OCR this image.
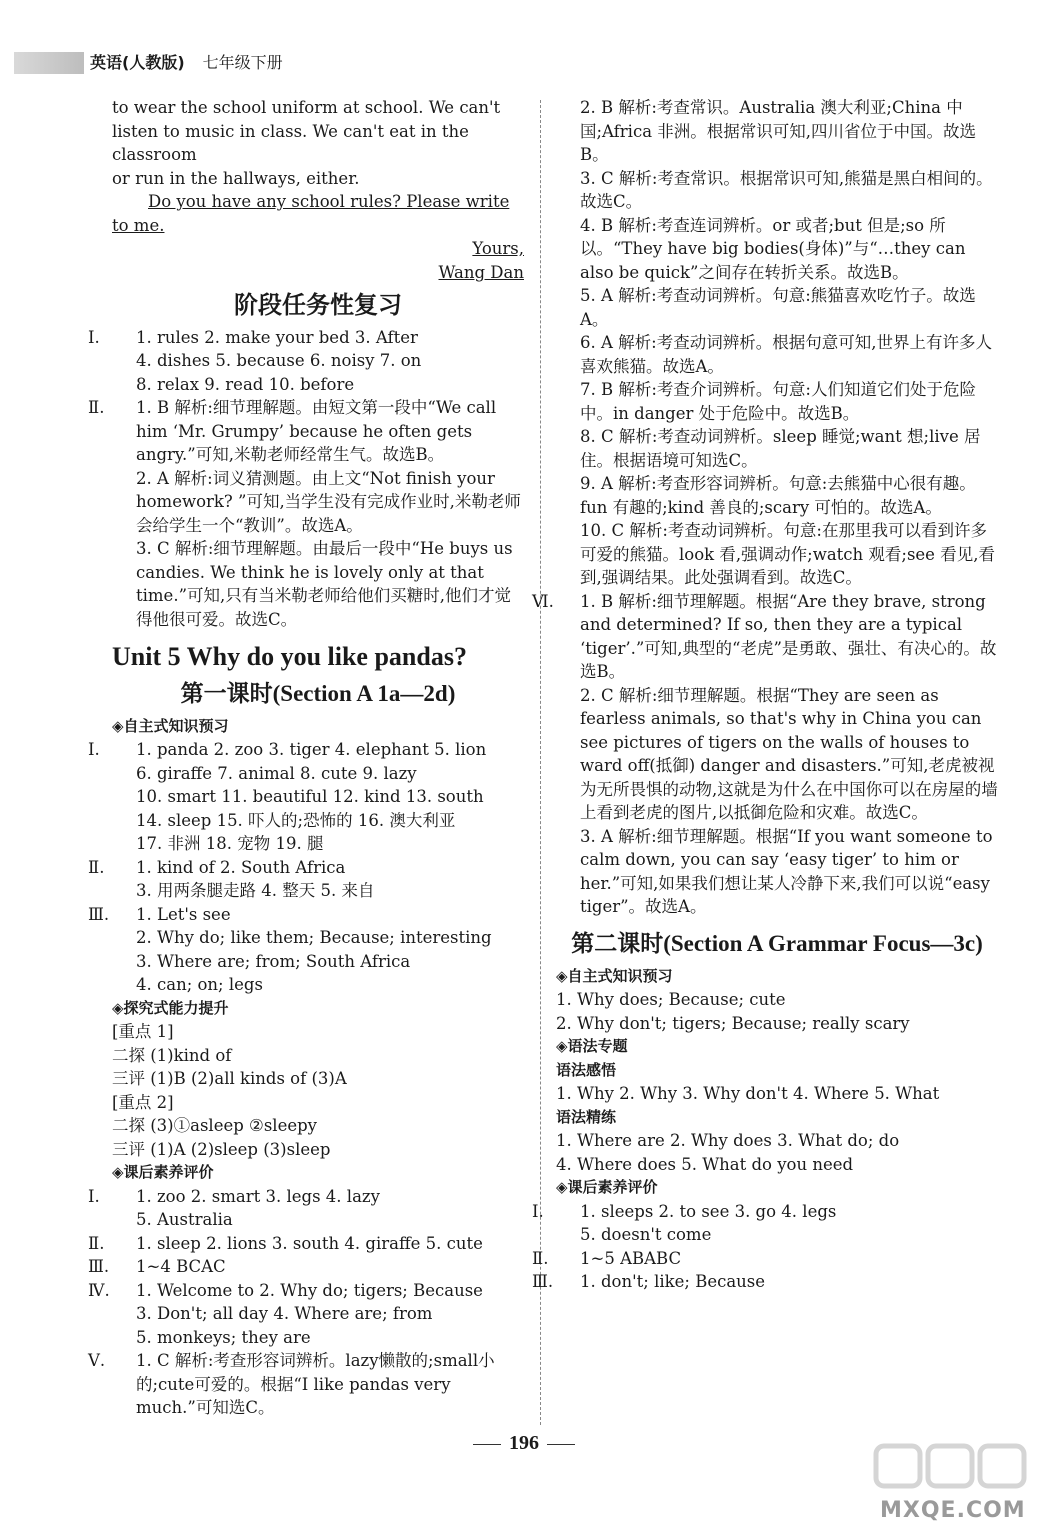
英语(人教版) 七年级下册
to wear the school uniform at school. We can't
listen to music in class. We can't eat in the classroom
or run in the hallways, either.
Do you have any school rules? Please write
to me.
Yours,
Wang Dan
阶段任务性复习
Ⅰ. 1. rules 2. make your bed 3. After
4. dishes 5. because 6. noisy 7. on
8. relax 9. read 10. before
Ⅱ. 1. B 解析:细节理解题。由短文第一段中“We call him ‘Mr. Grumpy’ because he often gets angry.”可知,米勒老师经常生气。故选B。
2. A 解析:词义猜测题。由上文“Not finish your homework? ”可知,当学生没有完成作业时,米勒老师会给学生一个“教训”。故选A。
3. C 解析:细节理解题。由最后一段中“He buys us candies. We think he is lovely only at that time.”可知,只有当米勒老师给他们买糖时,他们才觉得他很可爱。故选C。
Unit 5 Why do you like pandas?
第一课时(Section A 1a—2d)
◈自主式知识预习
Ⅰ. 1. panda 2. zoo 3. tiger 4. elephant 5. lion
6. giraffe 7. animal 8. cute 9. lazy
10. smart 11. beautiful 12. kind 13. south
14. sleep 15. 吓人的;恐怖的 16. 澳大利亚
17. 非洲 18. 宠物 19. 腿
Ⅱ. 1. kind of 2. South Africa
3. 用两条腿走路 4. 整天 5. 来自
Ⅲ. 1. Let's see
2. Why do; like them; Because; interesting
3. Where are; from; South Africa
4. can; on; legs
◈探究式能力提升
[重点 1]
二探 (1)kind of
三评 (1)B (2)all kinds of (3)A
[重点 2]
二探 (3)①asleep ②sleepy
三评 (1)A (2)sleep (3)sleep
◈课后素养评价
Ⅰ. 1. zoo 2. smart 3. legs 4. lazy
5. Australia
Ⅱ. 1. sleep 2. lions 3. south 4. giraffe 5. cute
Ⅲ. 1~4 BCAC
Ⅳ. 1. Welcome to 2. Why do; tigers; Because
3. Don't; all day 4. Where are; from
5. monkeys; they are
Ⅴ. 1. C 解析:考查形容词辨析。lazy懒散的;small小的;cute可爱的。根据“I like pandas very much.”可知选C。
2. B 解析:考查常识。Australia 澳大利亚;China 中国;Africa 非洲。根据常识可知,四川省位于中国。故选B。
3. C 解析:考查常识。根据常识可知,熊猫是黑白相间的。故选C。
4. B 解析:考查连词辨析。or 或者;but 但是;so 所以。“They have big bodies(身体)”与“…they can also be quick”之间存在转折关系。故选B。
5. A 解析:考查动词辨析。句意:熊猫喜欢吃竹子。故选A。
6. A 解析:考查动词辨析。根据句意可知,世界上有许多人喜欢熊猫。故选A。
7. B 解析:考查介词辨析。句意:人们知道它们处于危险中。in danger 处于危险中。故选B。
8. C 解析:考查动词辨析。sleep 睡觉;want 想;live 居住。根据语境可知选C。
9. A 解析:考查形容词辨析。句意:去熊猫中心很有趣。fun 有趣的;kind 善良的;scary 可怕的。故选A。
10. C 解析:考查动词辨析。句意:在那里我可以看到许多可爱的熊猫。look 看,强调动作;watch 观看;see 看见,看到,强调结果。此处强调看到。故选C。
Ⅵ. 1. B 解析:细节理解题。根据“Are they brave, strong and determined? If so, then they are a typical ‘tiger’.”可知,典型的“老虎”是勇敢、强壮、有决心的。故选B。
2. C 解析:细节理解题。根据“They are seen as fearless animals, so that's why in China you can see pictures of tigers on the walls of houses to ward off(抵御) danger and disasters.”可知,老虎被视为无所畏惧的动物,这就是为什么在中国你可以在房屋的墙上看到老虎的图片,以抵御危险和灾难。故选C。
3. A 解析:细节理解题。根据“If you want someone to calm down, you can say ‘easy tiger’ to him or her.”可知,如果我们想让某人冷静下来,我们可以说“easy tiger”。故选A。
第二课时(Section A Grammar Focus—3c)
◈自主式知识预习
1. Why does; Because; cute
2. Why don't; tigers; Because; really scary
◈语法专题
语法感悟
1. Why 2. Why 3. Why don't 4. Where 5. What
语法精练
1. Where are 2. Why does 3. What do; do
4. Where does 5. What do you need
◈课后素养评价
Ⅰ. 1. sleeps 2. to see 3. go 4. legs
5. doesn't come
Ⅱ. 1~5 ABABC
Ⅲ. 1. don't; like; Because
196
MXQE.COM
